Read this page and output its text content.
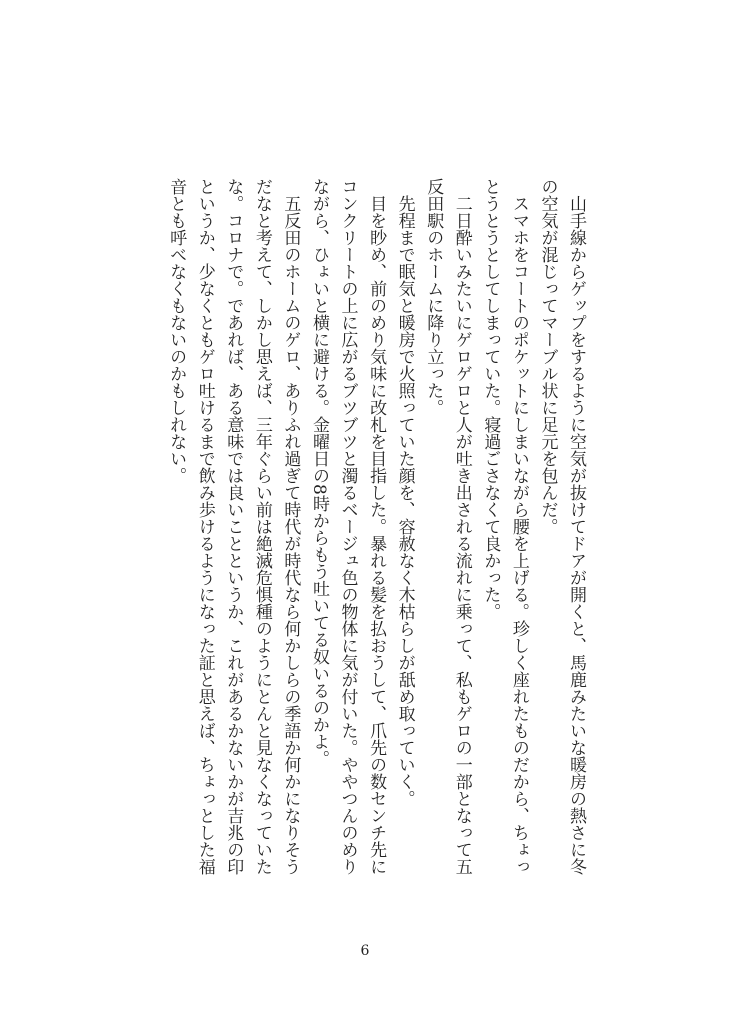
　山手線からゲップをするように空気が抜けてドアが開くと、馬鹿みたいな暖房の熱さに冬
の空気が混じってマーブル状に足元を包んだ。
　スマホをコートのポケットにしまいながら腰を上げる。珍しく座れたものだから、ちょっ
とうとうとしてしまっていた。寝過ごさなくて良かった。
　二日酔いみたいにゲロゲロと人が吐き出される流れに乗って、私もゲロの一部となって五
反田駅のホームに降り立った。
　先程まで眠気と暖房で火照っていた顔を、容赦なく木枯らしが舐め取っていく。
　目を眇め、前のめり気味に改札を目指した。暴れる髪を払おうして、爪先の数センチ先に
コンクリートの上に広がるブツブツと濁るベージュ色の物体に気が付いた。ややつんのめり
ながら、ひょいと横に避ける。金曜日の8時からもう吐いてる奴いるのかよ。
　五反田のホームのゲロ、ありふれ過ぎて時代が時代なら何かしらの季語か何かになりそう
だなと考えて、しかし思えば、三年ぐらい前は絶滅危惧種のようにとんと見なくなっていた
な。コロナで。であれば、ある意味では良いことというか、これがあるかないかが吉兆の印
というか、少なくともゲロ吐けるまで飲み歩けるようになった証と思えば、ちょっとした福
音とも呼べなくもないのかもしれない。
6
